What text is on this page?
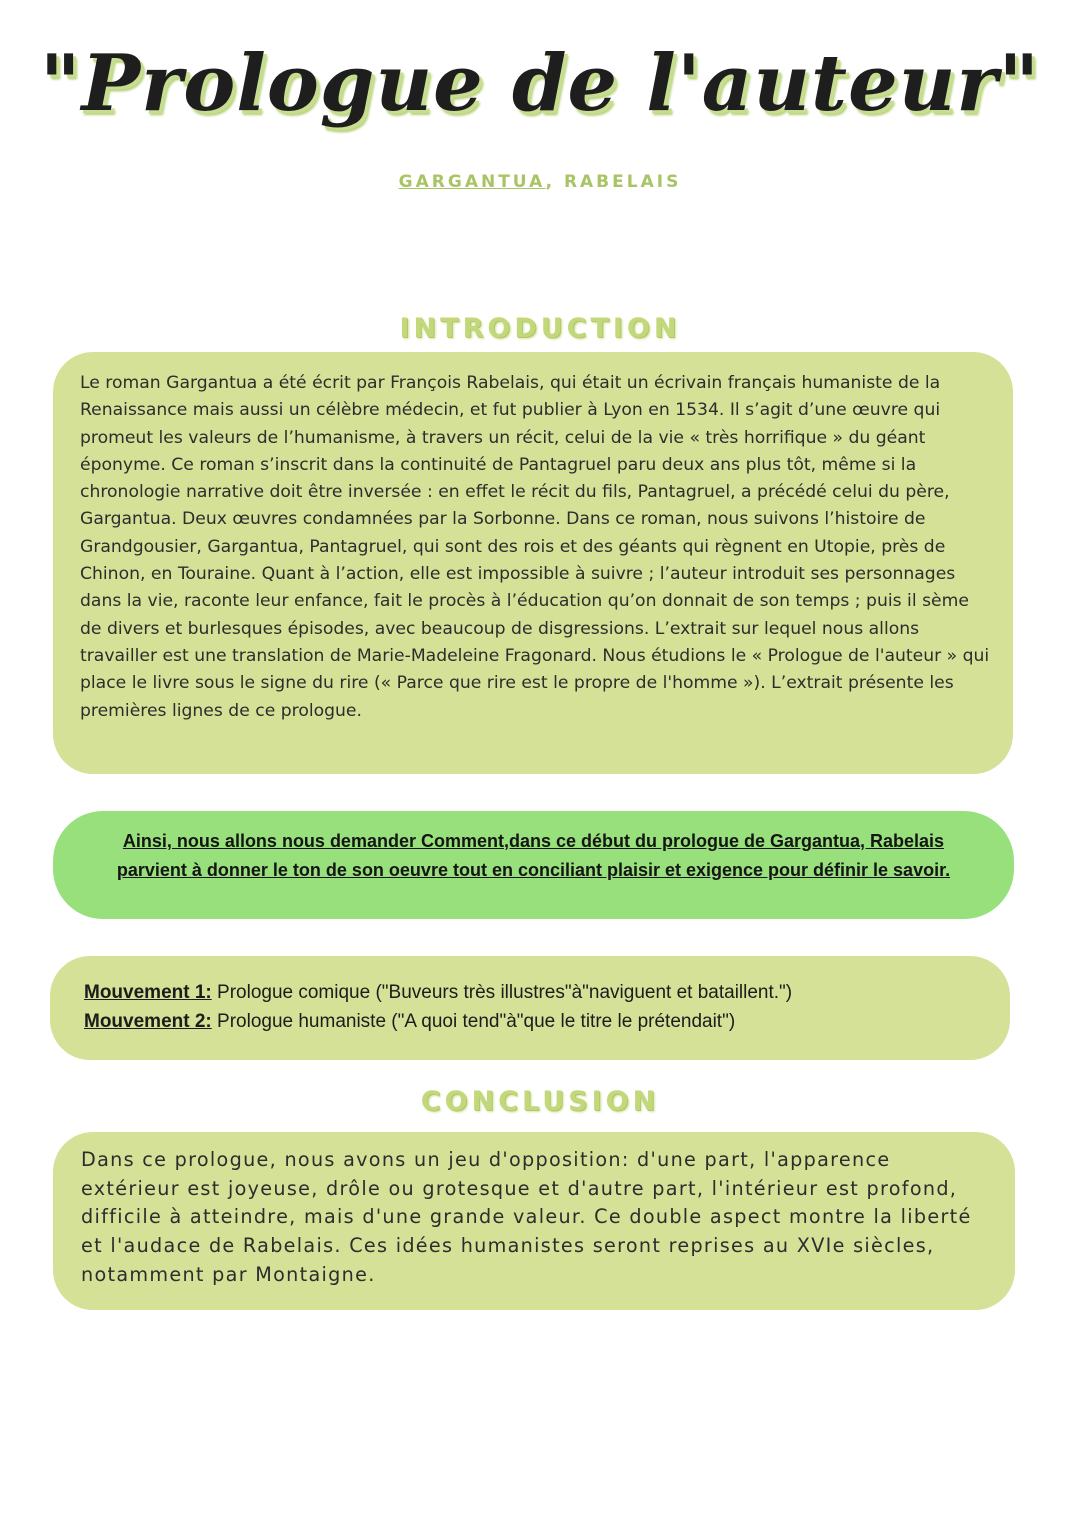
"Prologue de l'auteur"
GARGANTUA, RABELAIS
INTRODUCTION

Le roman Gargantua a été écrit par François Rabelais, qui était un écrivain français humaniste de la Renaissance mais aussi un célèbre médecin, et fut publier à Lyon en 1534. Il s’agit d’une œuvre qui promeut les valeurs de l’humanisme, à travers un récit, celui de la vie « très horrifique » du géant éponyme. Ce roman s’inscrit dans la continuité de Pantagruel paru deux ans plus tôt, même si la chronologie narrative doit être inversée : en effet le récit du fils, Pantagruel, a précédé celui du père, Gargantua. Deux œuvres condamnées par la Sorbonne. Dans ce roman, nous suivons l’histoire de Grandgousier, Gargantua, Pantagruel, qui sont des rois et des géants qui règnent en Utopie, près de Chinon, en Touraine. Quant à l’action, elle est impossible à suivre ; l’auteur introduit ses personnages dans la vie, raconte leur enfance, fait le procès à l’éducation qu’on donnait de son temps ; puis il sème de divers et burlesques épisodes, avec beaucoup de disgressions. L’extrait sur lequel nous allons travailler est une translation de Marie-Madeleine Fragonard. Nous étudions le « Prologue de l'auteur » qui place le livre sous le signe du rire (« Parce que rire est le propre de l'homme »). L’extrait présente les premières lignes de ce prologue.

Ainsi, nous allons nous demander Comment,dans ce début du prologue de Gargantua, Rabelais parvient à donner le ton de son oeuvre tout en conciliant plaisir et exigence pour définir le savoir.

Mouvement 1: Prologue comique ("Buveurs très illustres"à"naviguent et bataillent.")
Mouvement 2: Prologue humaniste ("A quoi tend"à"que le titre le prétendait")
CONCLUSION

Dans ce prologue, nous avons un jeu d'opposition: d'une part, l'apparence extérieur est joyeuse, drôle ou grotesque et d'autre part, l'intérieur est profond, difficile à atteindre, mais d'une grande valeur. Ce double aspect montre la liberté et l'audace de Rabelais. Ces idées humanistes seront reprises au XVIe siècles, notamment par Montaigne.
